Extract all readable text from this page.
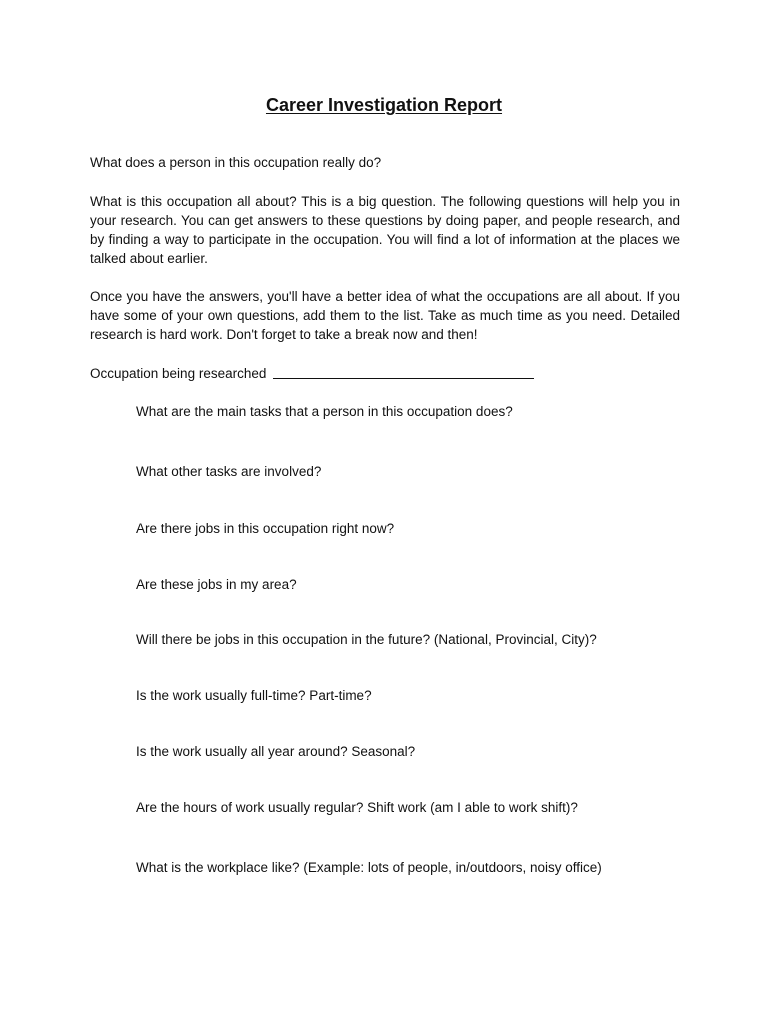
Career Investigation Report

What does a person in this occupation really do?

What is this occupation all about? This is a big question. The following questions will help you in your research. You can get answers to these questions by doing paper, and people research, and by finding a way to participate in the occupation. You will find a lot of information at the places we talked about earlier.

Once you have the answers, you'll have a better idea of what the occupations are all about. If you have some of your own questions, add them to the list. Take as much time as you need. Detailed research is hard work. Don't forget to take a break now and then!

Occupation being researched

What are the main tasks that a person in this occupation does?

What other tasks are involved?

Are there jobs in this occupation right now?

Are these jobs in my area?

Will there be jobs in this occupation in the future? (National, Provincial, City)?

Is the work usually full-time? Part-time?

Is the work usually all year around? Seasonal?

Are the hours of work usually regular? Shift work (am I able to work shift)?

What is the workplace like? (Example: lots of people, in/outdoors, noisy office)
